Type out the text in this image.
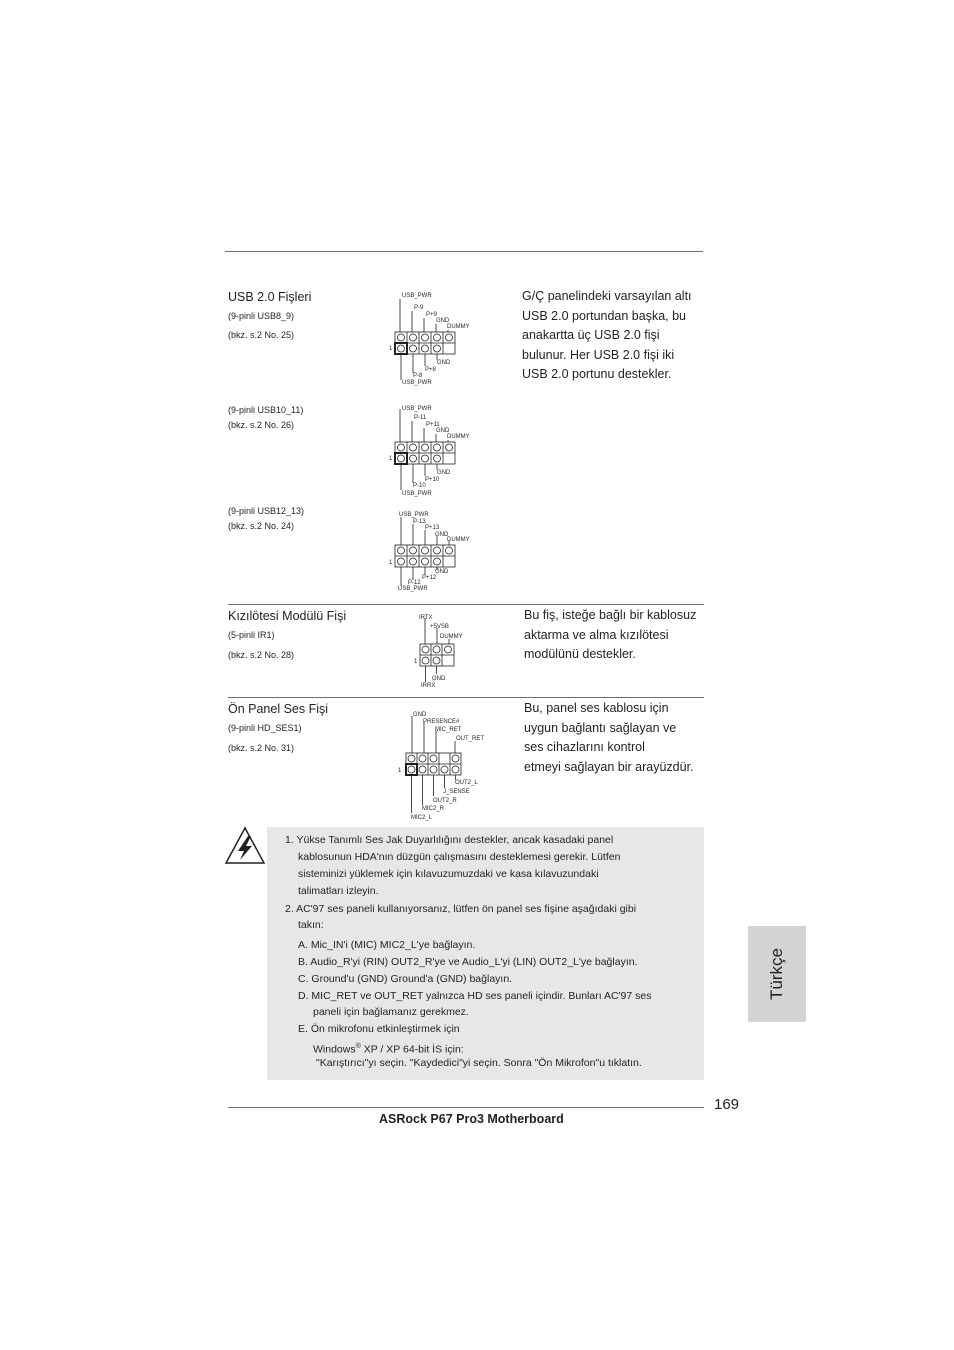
USB 2.0 Fişleri
(9-pinli USB8_9)
(bkz. s.2 No. 25)
G/Ç panelindeki varsayılan altı
USB 2.0 portundan başka, bu
anakartta üç USB 2.0 fişi
bulunur. Her USB 2.0 fişi iki
USB 2.0 portunu destekler.
USB_PWR
P-9
P+9
GND
DUMMY
1
GND
P+8
P-8
USB_PWR
(9-pinli USB10_11)
(bkz. s.2 No. 26)
USB_PWR
P-11
P+11
GND
DUMMY
1
GND
P+10
P-10
USB_PWR
(9-pinli USB12_13)
(bkz. s.2 No. 24)
USB_PWR
P-13
P+13
GND
DUMMY
1
GND
P+12
P-12
USB_PWR
Kızılötesi Modülü Fişi
(5-pinli IR1)
(bkz. s.2 No. 28)
Bu fiş, isteğe bağlı bir kablosuz
aktarma ve alma kızılötesi
modülünü destekler.
IRTX
+5VSB
DUMMY
1
GND
IRRX
Ön Panel Ses Fişi
(9-pinli HD_SES1)
(bkz. s.2 No. 31)
Bu, panel ses kablosu için
uygun bağlantı sağlayan ve
ses cihazlarını kontrol
etmeyi sağlayan bir arayüzdür.
GND
PRESENCE#
MIC_RET
OUT_RET
1
OUT2_L
J_SENSE
OUT2_R
MIC2_R
MIC2_L
1. Yükse Tanımlı Ses Jak Duyarlılığını destekler, ancak kasadaki panel
kablosunun HDA'nın düzgün çalışmasını desteklemesi gerekir. Lütfen
sisteminizi yüklemek için kılavuzumuzdaki ve kasa kılavuzundaki
talimatları izleyin.
2. AC'97 ses paneli kullanıyorsanız, lütfen ön panel ses fişine aşağıdaki gibi
takın:
A. Mic_IN'i (MIC) MIC2_L'ye bağlayın.
B. Audio_R'yi (RIN) OUT2_R'ye ve Audio_L'yi (LIN) OUT2_L'ye bağlayın.
C. Ground'u (GND) Ground'a (GND) bağlayın.
D. MIC_RET ve OUT_RET yalnızca HD ses paneli içindir. Bunları AC'97 ses
paneli için bağlamanız gerekmez.
E. Ön mikrofonu etkinleştirmek için
Windows® XP / XP 64-bit İS için:
"Karıştırıcı"yı seçin. "Kaydedici"yi seçin. Sonra "Ön Mikrofon"u tıklatın.
Türkçe
169
ASRock P67 Pro3 Motherboard
